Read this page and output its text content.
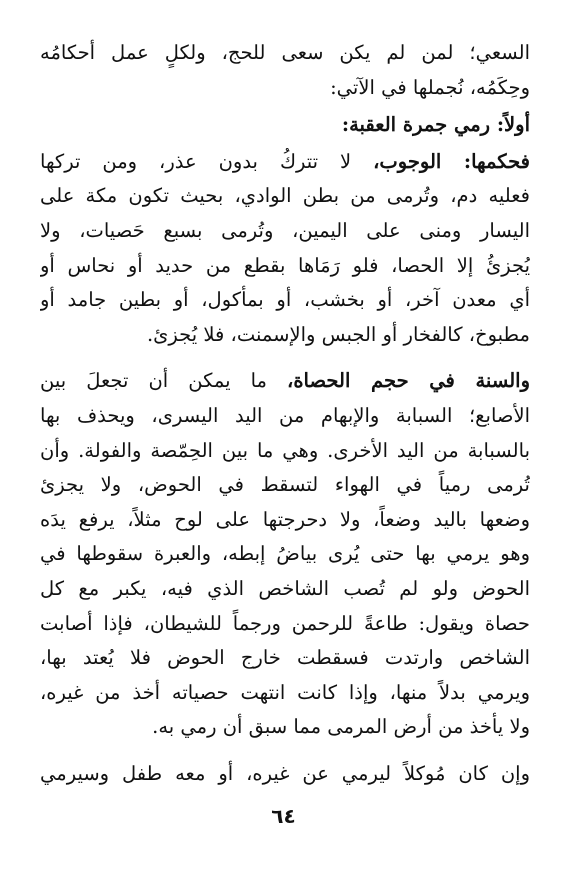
السعي؛ لمن لم يكن سعى للحج، ولكلٍ عمل أحكامُه
وحِكَمُه، نُجملها في الآتي:
أولاً: رمي جمرة العقبة:
فحكمها: الوجوب، لا تتركُ بدون عذر، ومن تركها
فعليه دم، وتُرمى من بطن الوادي، بحيث تكون مكة على
اليسار ومنى على اليمين، وتُرمى بسبع حَصيات، ولا
يُجزئُ إلا الحصا، فلو رَمَاها بقطع من حديد أو نحاس أو
أي معدن آخر، أو بخشب، أو بمأكول، أو بطين جامد أو
مطبوخ، كالفخار أو الجبس والإسمنت، فلا يُجزئ.
والسنة في حجم الحصاة، ما يمكن أن تجعلَ بين
الأصابع؛ السبابة والإبهام من اليد اليسرى، ويحذف بها
بالسبابة من اليد الأخرى. وهي ما بين الحِمّصة والفولة. وأن
تُرمى رمياً في الهواء لتسقط في الحوض، ولا يجزئ
وضعها باليد وضعاً، ولا دحرجتها على لوح مثلاً، يرفع يدَه
وهو يرمي بها حتى يُرى بياضُ إبطه، والعبرة سقوطها في
الحوض ولو لم تُصب الشاخص الذي فيه، يكبر مع كل
حصاة ويقول: طاعةً للرحمن ورجماً للشيطان، فإذا أصابت
الشاخص وارتدت فسقطت خارج الحوض فلا يُعتد بها،
ويرمي بدلاً منها، وإذا كانت انتهت حصياته أخذ من غيره،
ولا يأخذ من أرض المرمى مما سبق أن رمي به.
وإن كان مُوكلاً ليرمي عن غيره، أو معه طفل وسيرمي
٦٤
